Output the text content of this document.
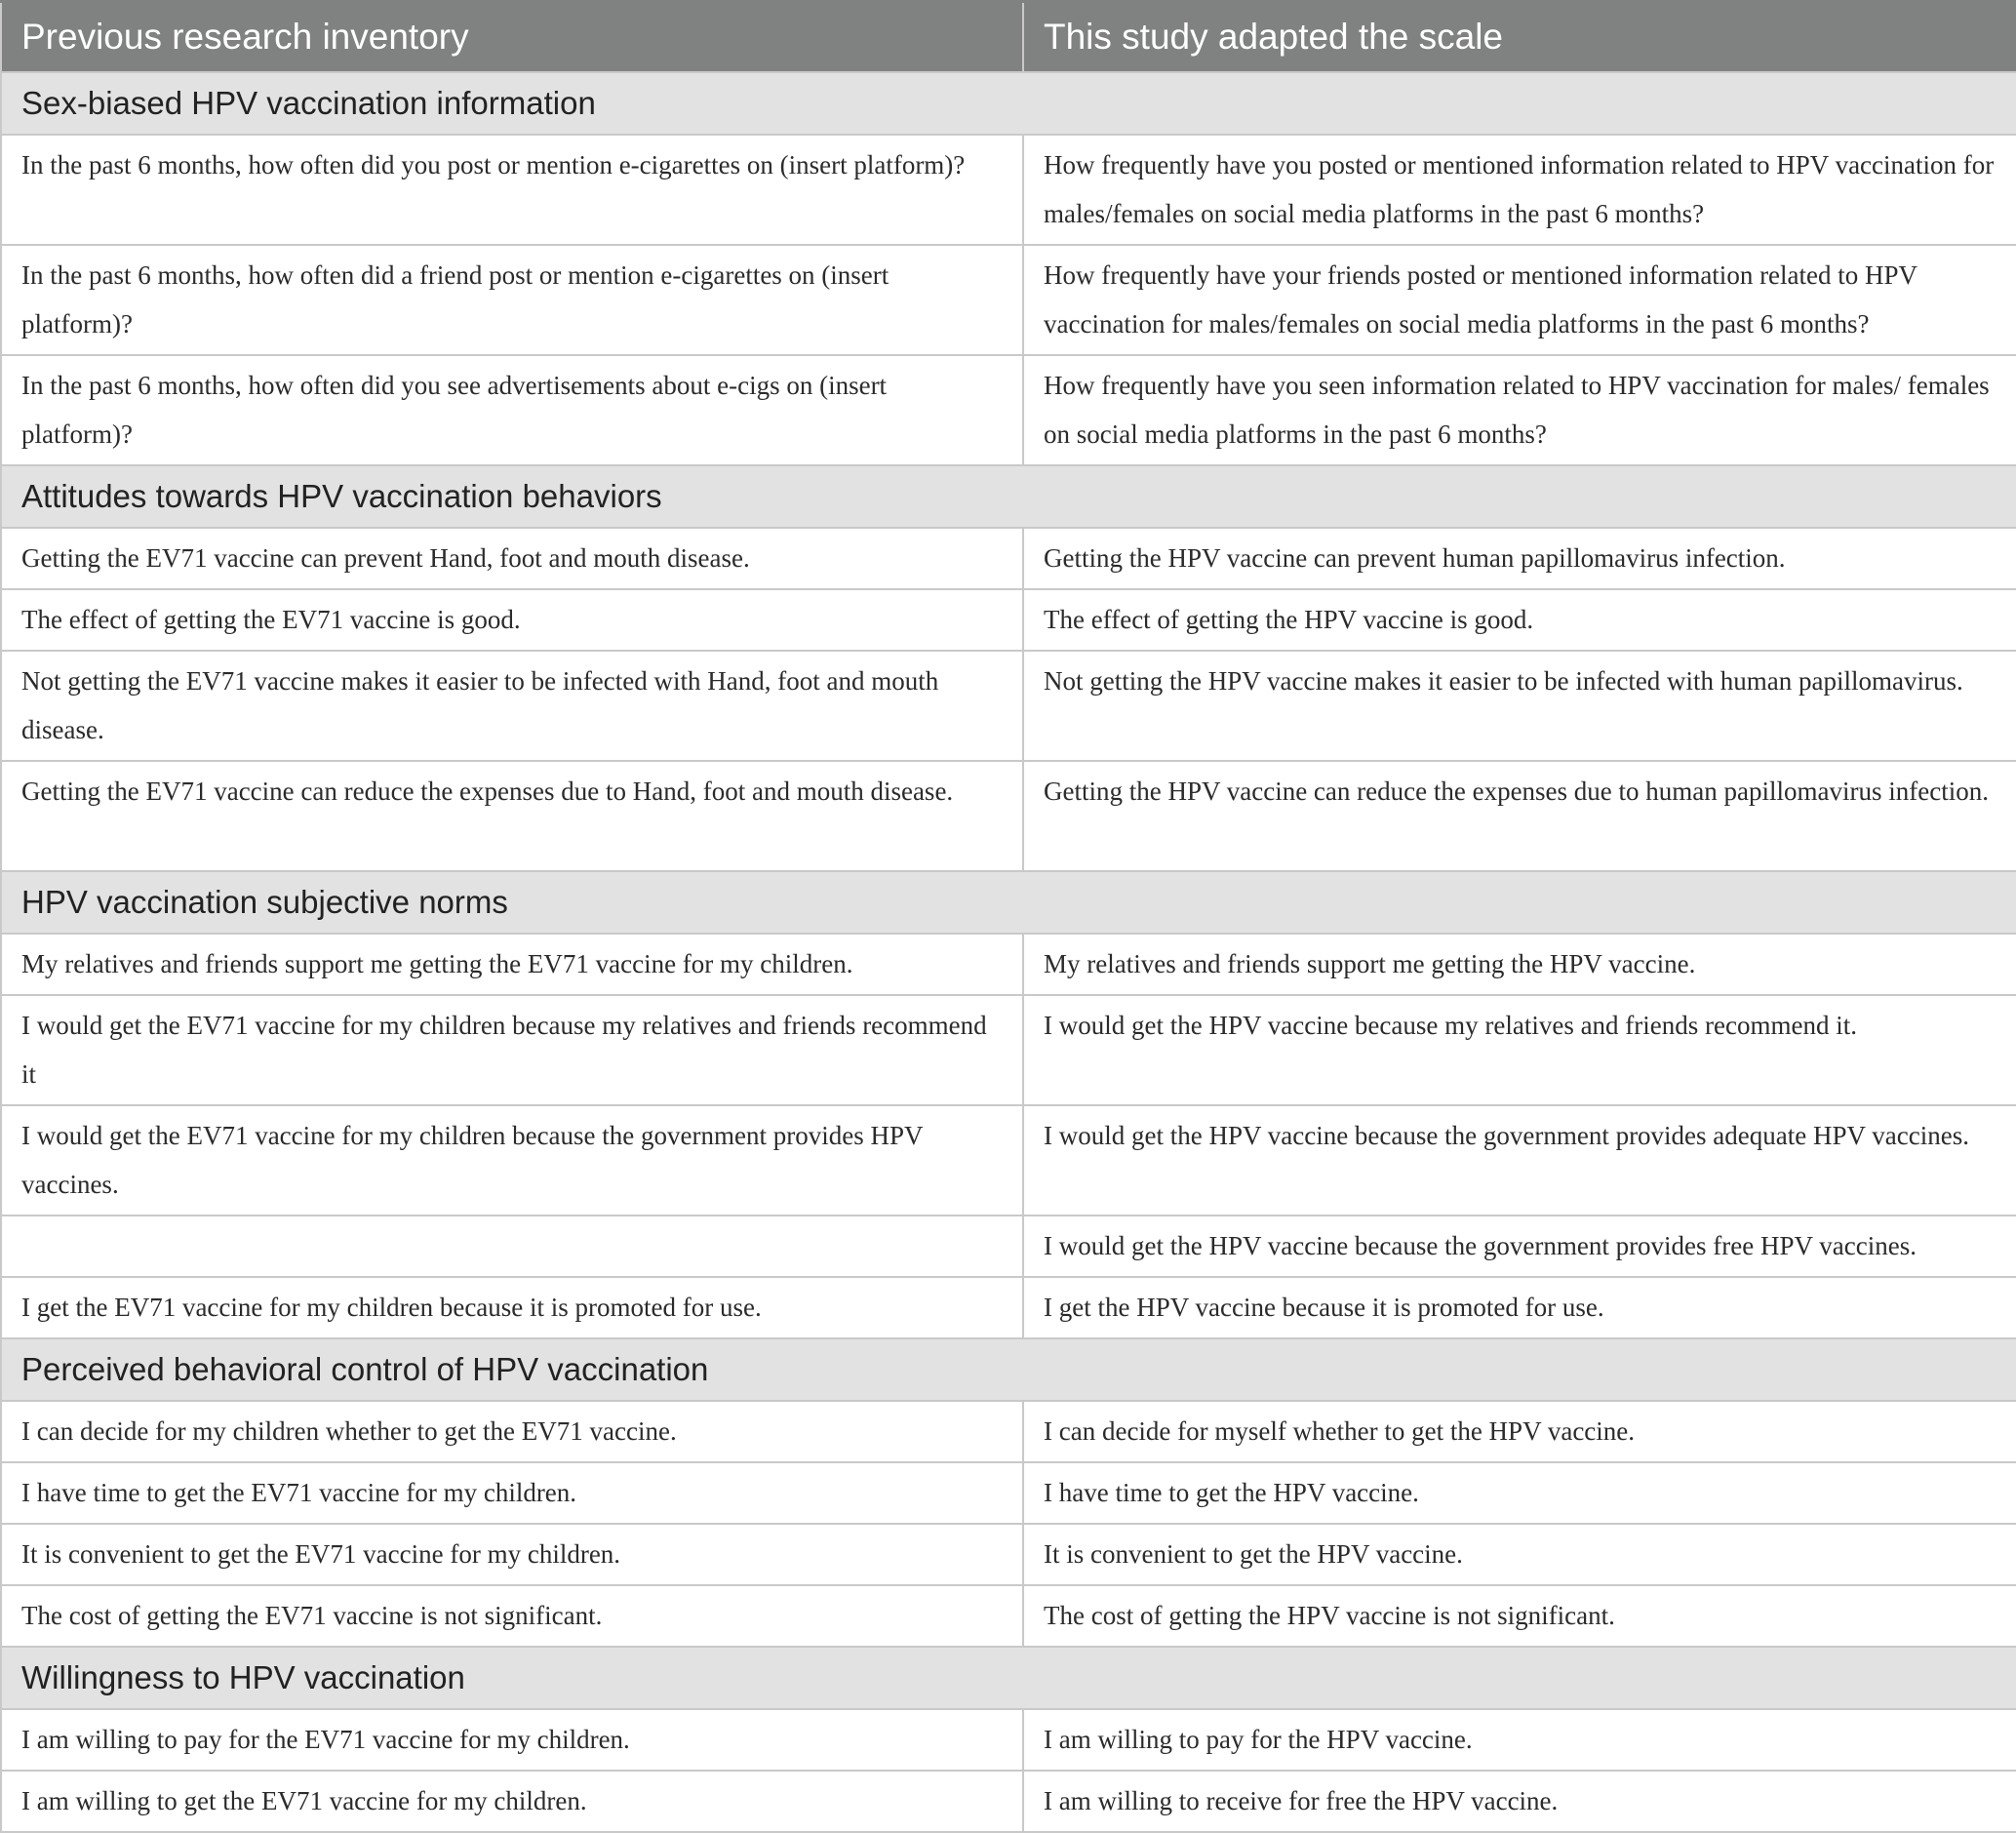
Previous research inventory	This study adapted the scale
Sex-biased HPV vaccination information	
In the past 6 months, how often did you post or mention e-cigarettes on (insert platform)?	How frequently have you posted or mentioned information related to HPV vaccination for males/females on social media platforms in the past 6 months?
In the past 6 months, how often did a friend post or mention e-cigarettes on (insert platform)?	How frequently have your friends posted or mentioned information related to HPV vaccination for males/females on social media platforms in the past 6 months?
In the past 6 months, how often did you see advertisements about e-cigs on (insert platform)?	How frequently have you seen information related to HPV vaccination for males/ females on social media platforms in the past 6 months?
Attitudes towards HPV vaccination behaviors	
Getting the EV71 vaccine can prevent Hand, foot and mouth disease.	Getting the HPV vaccine can prevent human papillomavirus infection.
The effect of getting the EV71 vaccine is good.	The effect of getting the HPV vaccine is good.
Not getting the EV71 vaccine makes it easier to be infected with Hand, foot and mouth disease.	Not getting the HPV vaccine makes it easier to be infected with human papillomavirus.
Getting the EV71 vaccine can reduce the expenses due to Hand, foot and mouth disease.	Getting the HPV vaccine can reduce the expenses due to human papillomavirus infection.
HPV vaccination subjective norms	
My relatives and friends support me getting the EV71 vaccine for my children.	My relatives and friends support me getting the HPV vaccine.
I would get the EV71 vaccine for my children because my relatives and friends recommend it	I would get the HPV vaccine because my relatives and friends recommend it.
I would get the EV71 vaccine for my children because the government provides HPV vaccines.	I would get the HPV vaccine because the government provides adequate HPV vaccines.
	I would get the HPV vaccine because the government provides free HPV vaccines.
I get the EV71 vaccine for my children because it is promoted for use.	I get the HPV vaccine because it is promoted for use.
Perceived behavioral control of HPV vaccination	
I can decide for my children whether to get the EV71 vaccine.	I can decide for myself whether to get the HPV vaccine.
I have time to get the EV71 vaccine for my children.	I have time to get the HPV vaccine.
It is convenient to get the EV71 vaccine for my children.	It is convenient to get the HPV vaccine.
The cost of getting the EV71 vaccine is not significant.	The cost of getting the HPV vaccine is not significant.
Willingness to HPV vaccination	
I am willing to pay for the EV71 vaccine for my children.	I am willing to pay for the HPV vaccine.
I am willing to get the EV71 vaccine for my children.	I am willing to receive for free the HPV vaccine.
